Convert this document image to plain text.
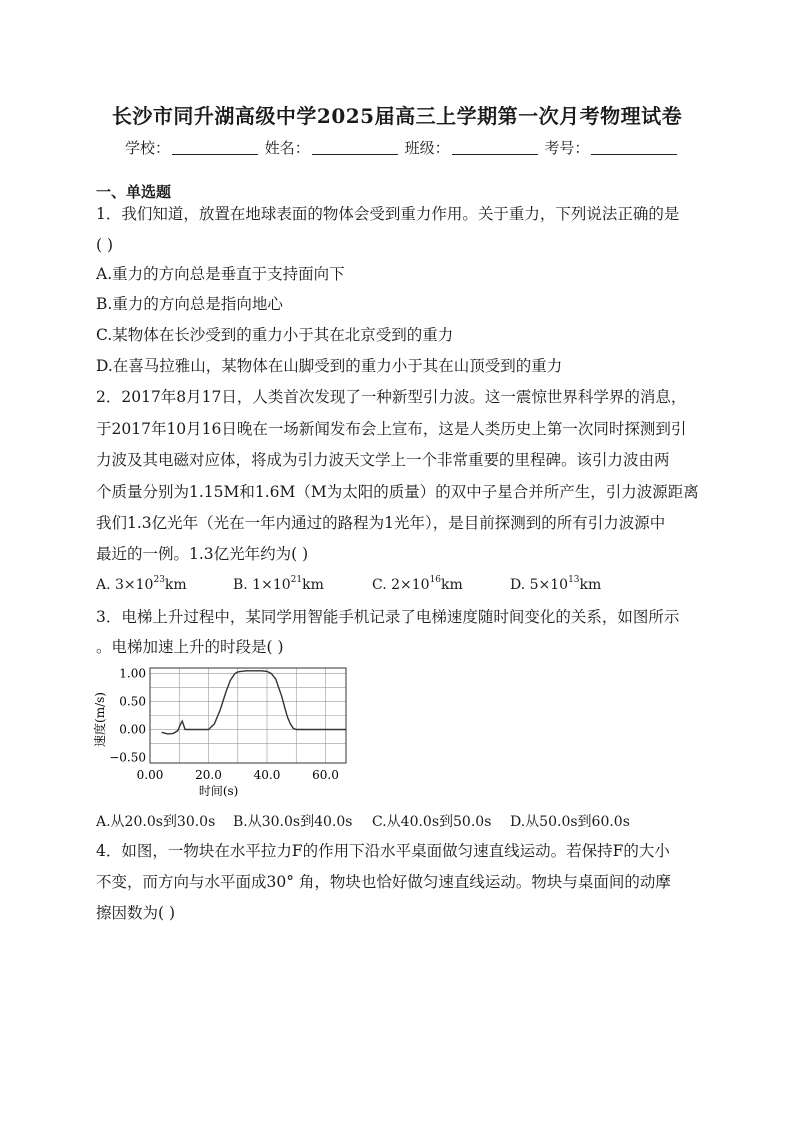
长沙市同升湖高级中学2025届高三上学期第一次月考物理试卷
学校：	姓名：	班级：	考号：
一、单选题
1．我们知道，放置在地球表面的物体会受到重力作用。关于重力，下列说法正确的是
( )
A.重力的方向总是垂直于支持面向下
B.重力的方向总是指向地心
C.某物体在长沙受到的重力小于其在北京受到的重力
D.在喜马拉雅山，某物体在山脚受到的重力小于其在山顶受到的重力
2．2017年8月17日，人类首次发现了一种新型引力波。这一震惊世界科学界的消息，
于2017年10月16日晚在一场新闻发布会上宣布，这是人类历史上第一次同时探测到引
力波及其电磁对应体，将成为引力波天文学上一个非常重要的里程碑。该引力波由两
个质量分别为1.15M和1.6M（M为太阳的质量）的双中子星合并所产生，引力波源距离
我们1.3亿光年（光在一年内通过的路程为1光年），是目前探测到的所有引力波源中
最近的一例。1.3亿光年约为( )
A. $3\times 10^{23}km$	B. $1\times 10^{21}km$	C. $2\times 10^{16}km$	D. $5\times 10^{13}km$
3．电梯上升过程中，某同学用智能手机记录了电梯速度随时间变化的关系，如图所示
。电梯加速上升的时段是( )
0.00	20.0	40.0	60.0
1.00
0.50
0.00
−0.50
时间(s)
速度(m/s)
A.从20.0s到30.0s B.从30.0s到40.0s C.从40.0s到50.0s D.从50.0s到60.0s
4．如图，一物块在水平拉力F的作用下沿水平桌面做匀速直线运动。若保持F的大小
不变，而方向与水平面成30° 角，物块也恰好做匀速直线运动。物块与桌面间的动摩
擦因数为( )
